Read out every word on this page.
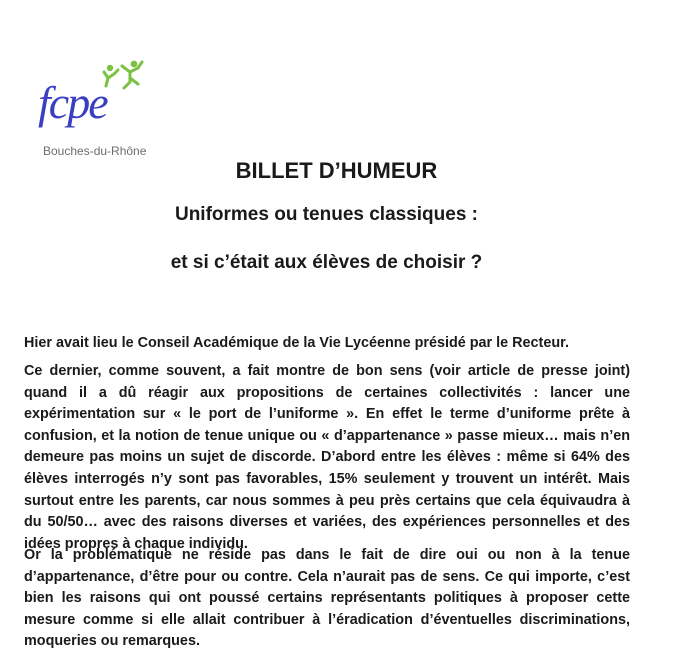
fcpe
Bouches-du-Rhône
BILLET D’HUMEUR
Uniformes ou tenues classiques :
et si c’était aux élèves de choisir ?
Hier avait lieu le Conseil Académique de la Vie Lycéenne présidé par le Recteur.
Ce dernier, comme souvent, a fait montre de bon sens (voir article de presse joint) quand il a dû réagir aux propositions de certaines collectivités : lancer une expérimentation sur « le port de l’uniforme ». En effet le terme d’uniforme prête à confusion, et la notion de tenue unique ou « d’appartenance » passe mieux… mais n’en demeure pas moins un sujet de discorde. D’abord entre les élèves : même si 64% des élèves interrogés n’y sont pas favorables, 15% seulement y trouvent un intérêt. Mais surtout entre les parents, car nous sommes à peu près certains que cela équivaudra à du 50/50… avec des raisons diverses et variées, des expériences personnelles et des idées propres à chaque individu.
Or la problématique ne réside pas dans le fait de dire oui ou non à la tenue d’appartenance, d’être pour ou contre. Cela n’aurait pas de sens. Ce qui importe, c’est bien les raisons qui ont poussé certains représentants politiques à proposer cette mesure comme si elle allait contribuer à l’éradication d’éventuelles discriminations, moqueries ou remarques.
